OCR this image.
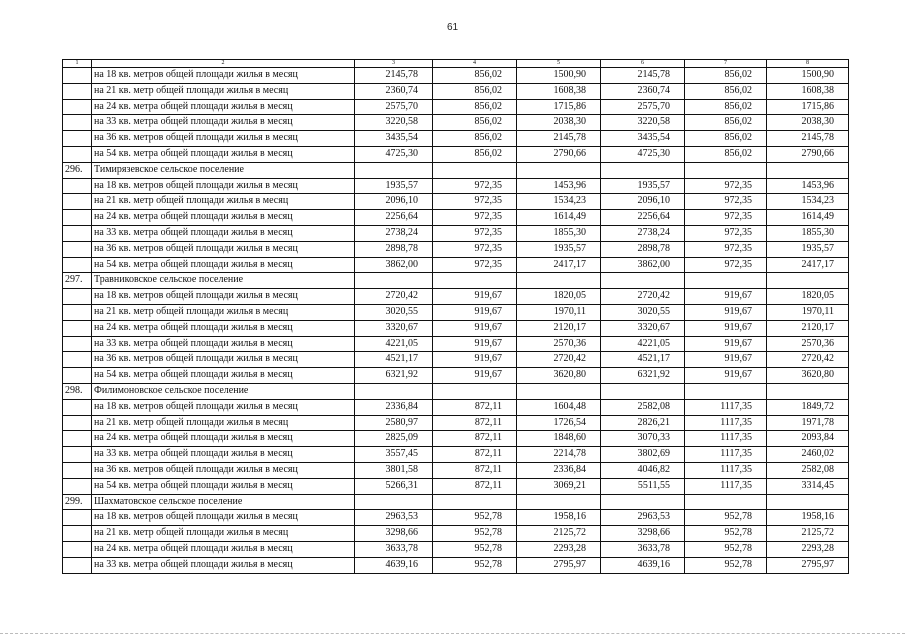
61
1	2	3	4	5	6	7	8
	на 18 кв. метров общей площади жилья в месяц	2145,78	856,02	1500,90	2145,78	856,02	1500,90
	на 21 кв. метр общей площади жилья в месяц	2360,74	856,02	1608,38	2360,74	856,02	1608,38
	на 24 кв. метра общей площади жилья в месяц	2575,70	856,02	1715,86	2575,70	856,02	1715,86
	на 33 кв. метра общей площади жилья в месяц	3220,58	856,02	2038,30	3220,58	856,02	2038,30
	на 36 кв. метров общей площади жилья в месяц	3435,54	856,02	2145,78	3435,54	856,02	2145,78
	на 54 кв. метра общей площади жилья в месяц	4725,30	856,02	2790,66	4725,30	856,02	2790,66
296.	Тимирязевское сельское поселение						
	на 18 кв. метров общей площади жилья в месяц	1935,57	972,35	1453,96	1935,57	972,35	1453,96
	на 21 кв. метр общей площади жилья в месяц	2096,10	972,35	1534,23	2096,10	972,35	1534,23
	на 24 кв. метра общей площади жилья в месяц	2256,64	972,35	1614,49	2256,64	972,35	1614,49
	на 33 кв. метра общей площади жилья в месяц	2738,24	972,35	1855,30	2738,24	972,35	1855,30
	на 36 кв. метров общей площади жилья в месяц	2898,78	972,35	1935,57	2898,78	972,35	1935,57
	на 54 кв. метра общей площади жилья в месяц	3862,00	972,35	2417,17	3862,00	972,35	2417,17
297.	Травниковское сельское поселение						
	на 18 кв. метров общей площади жилья в месяц	2720,42	919,67	1820,05	2720,42	919,67	1820,05
	на 21 кв. метр общей площади жилья в месяц	3020,55	919,67	1970,11	3020,55	919,67	1970,11
	на 24 кв. метра общей площади жилья в месяц	3320,67	919,67	2120,17	3320,67	919,67	2120,17
	на 33 кв. метра общей площади жилья в месяц	4221,05	919,67	2570,36	4221,05	919,67	2570,36
	на 36 кв. метров общей площади жилья в месяц	4521,17	919,67	2720,42	4521,17	919,67	2720,42
	на 54 кв. метра общей площади жилья в месяц	6321,92	919,67	3620,80	6321,92	919,67	3620,80
298.	Филимоновское сельское поселение						
	на 18 кв. метров общей площади жилья в месяц	2336,84	872,11	1604,48	2582,08	1117,35	1849,72
	на 21 кв. метр общей площади жилья в месяц	2580,97	872,11	1726,54	2826,21	1117,35	1971,78
	на 24 кв. метра общей площади жилья в месяц	2825,09	872,11	1848,60	3070,33	1117,35	2093,84
	на 33 кв. метра общей площади жилья в месяц	3557,45	872,11	2214,78	3802,69	1117,35	2460,02
	на 36 кв. метров общей площади жилья в месяц	3801,58	872,11	2336,84	4046,82	1117,35	2582,08
	на 54 кв. метра общей площади жилья в месяц	5266,31	872,11	3069,21	5511,55	1117,35	3314,45
299.	Шахматовское сельское поселение						
	на 18 кв. метров общей площади жилья в месяц	2963,53	952,78	1958,16	2963,53	952,78	1958,16
	на 21 кв. метр общей площади жилья в месяц	3298,66	952,78	2125,72	3298,66	952,78	2125,72
	на 24 кв. метра общей площади жилья в месяц	3633,78	952,78	2293,28	3633,78	952,78	2293,28
	на 33 кв. метра общей площади жилья в месяц	4639,16	952,78	2795,97	4639,16	952,78	2795,97
